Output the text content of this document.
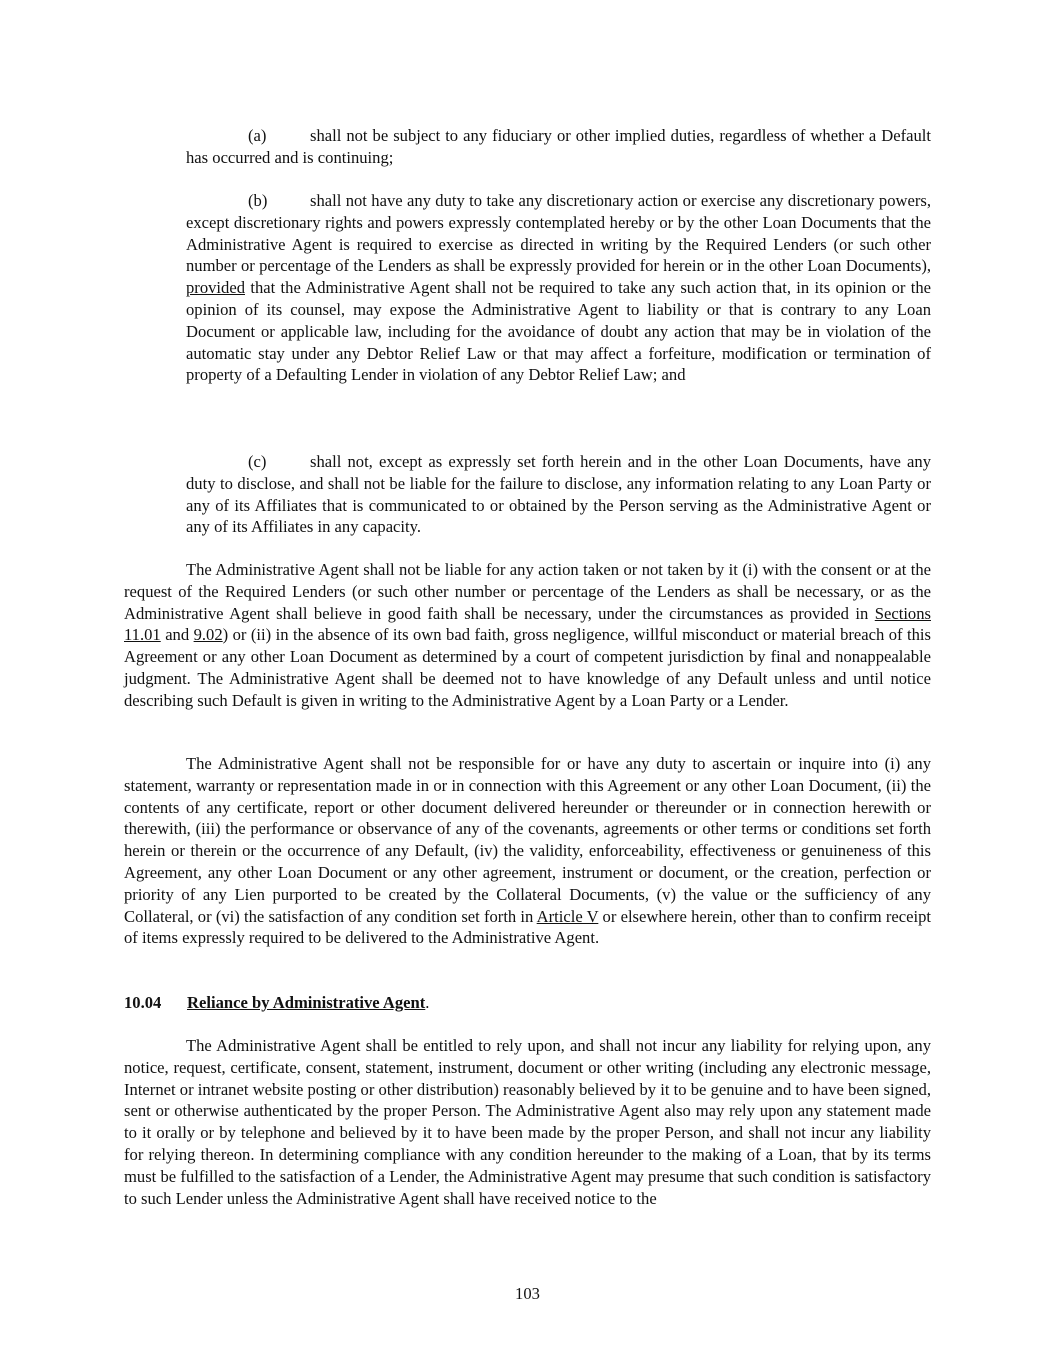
(a)	shall not be subject to any fiduciary or other implied duties, regardless of whether a Default has occurred and is continuing;

(b)	shall not have any duty to take any discretionary action or exercise any discretionary powers, except discretionary rights and powers expressly contemplated hereby or by the other Loan Documents that the Administrative Agent is required to exercise as directed in writing by the Required Lenders (or such other number or percentage of the Lenders as shall be expressly provided for herein or in the other Loan Documents), provided that the Administrative Agent shall not be required to take any such action that, in its opinion or the opinion of its counsel, may expose the Administrative Agent to liability or that is contrary to any Loan Document or applicable law, including for the avoidance of doubt any action that may be in violation of the automatic stay under any Debtor Relief Law or that may affect a forfeiture, modification or termination of property of a Defaulting Lender in violation of any Debtor Relief Law; and

(c)	shall not, except as expressly set forth herein and in the other Loan Documents, have any duty to disclose, and shall not be liable for the failure to disclose, any information relating to any Loan Party or any of its Affiliates that is communicated to or obtained by the Person serving as the Administrative Agent or any of its Affiliates in any capacity.

The Administrative Agent shall not be liable for any action taken or not taken by it (i) with the consent or at the request of the Required Lenders (or such other number or percentage of the Lenders as shall be necessary, or as the Administrative Agent shall believe in good faith shall be necessary, under the circumstances as provided in Sections 11.01 and 9.02) or (ii) in the absence of its own bad faith, gross negligence, willful misconduct or material breach of this Agreement or any other Loan Document as determined by a court of competent jurisdiction by final and nonappealable judgment. The Administrative Agent shall be deemed not to have knowledge of any Default unless and until notice describing such Default is given in writing to the Administrative Agent by a Loan Party or a Lender.

The Administrative Agent shall not be responsible for or have any duty to ascertain or inquire into (i) any statement, warranty or representation made in or in connection with this Agreement or any other Loan Document, (ii) the contents of any certificate, report or other document delivered hereunder or thereunder or in connection herewith or therewith, (iii) the performance or observance of any of the covenants, agreements or other terms or conditions set forth herein or therein or the occurrence of any Default, (iv) the validity, enforceability, effectiveness or genuineness of this Agreement, any other Loan Document or any other agreement, instrument or document, or the creation, perfection or priority of any Lien purported to be created by the Collateral Documents, (v) the value or the sufficiency of any Collateral, or (vi) the satisfaction of any condition set forth in Article V or elsewhere herein, other than to confirm receipt of items expressly required to be delivered to the Administrative Agent.

10.04 Reliance by Administrative Agent.

The Administrative Agent shall be entitled to rely upon, and shall not incur any liability for relying upon, any notice, request, certificate, consent, statement, instrument, document or other writing (including any electronic message, Internet or intranet website posting or other distribution) reasonably believed by it to be genuine and to have been signed, sent or otherwise authenticated by the proper Person. The Administrative Agent also may rely upon any statement made to it orally or by telephone and believed by it to have been made by the proper Person, and shall not incur any liability for relying thereon. In determining compliance with any condition hereunder to the making of a Loan, that by its terms must be fulfilled to the satisfaction of a Lender, the Administrative Agent may presume that such condition is satisfactory to such Lender unless the Administrative Agent shall have received notice to the

103
